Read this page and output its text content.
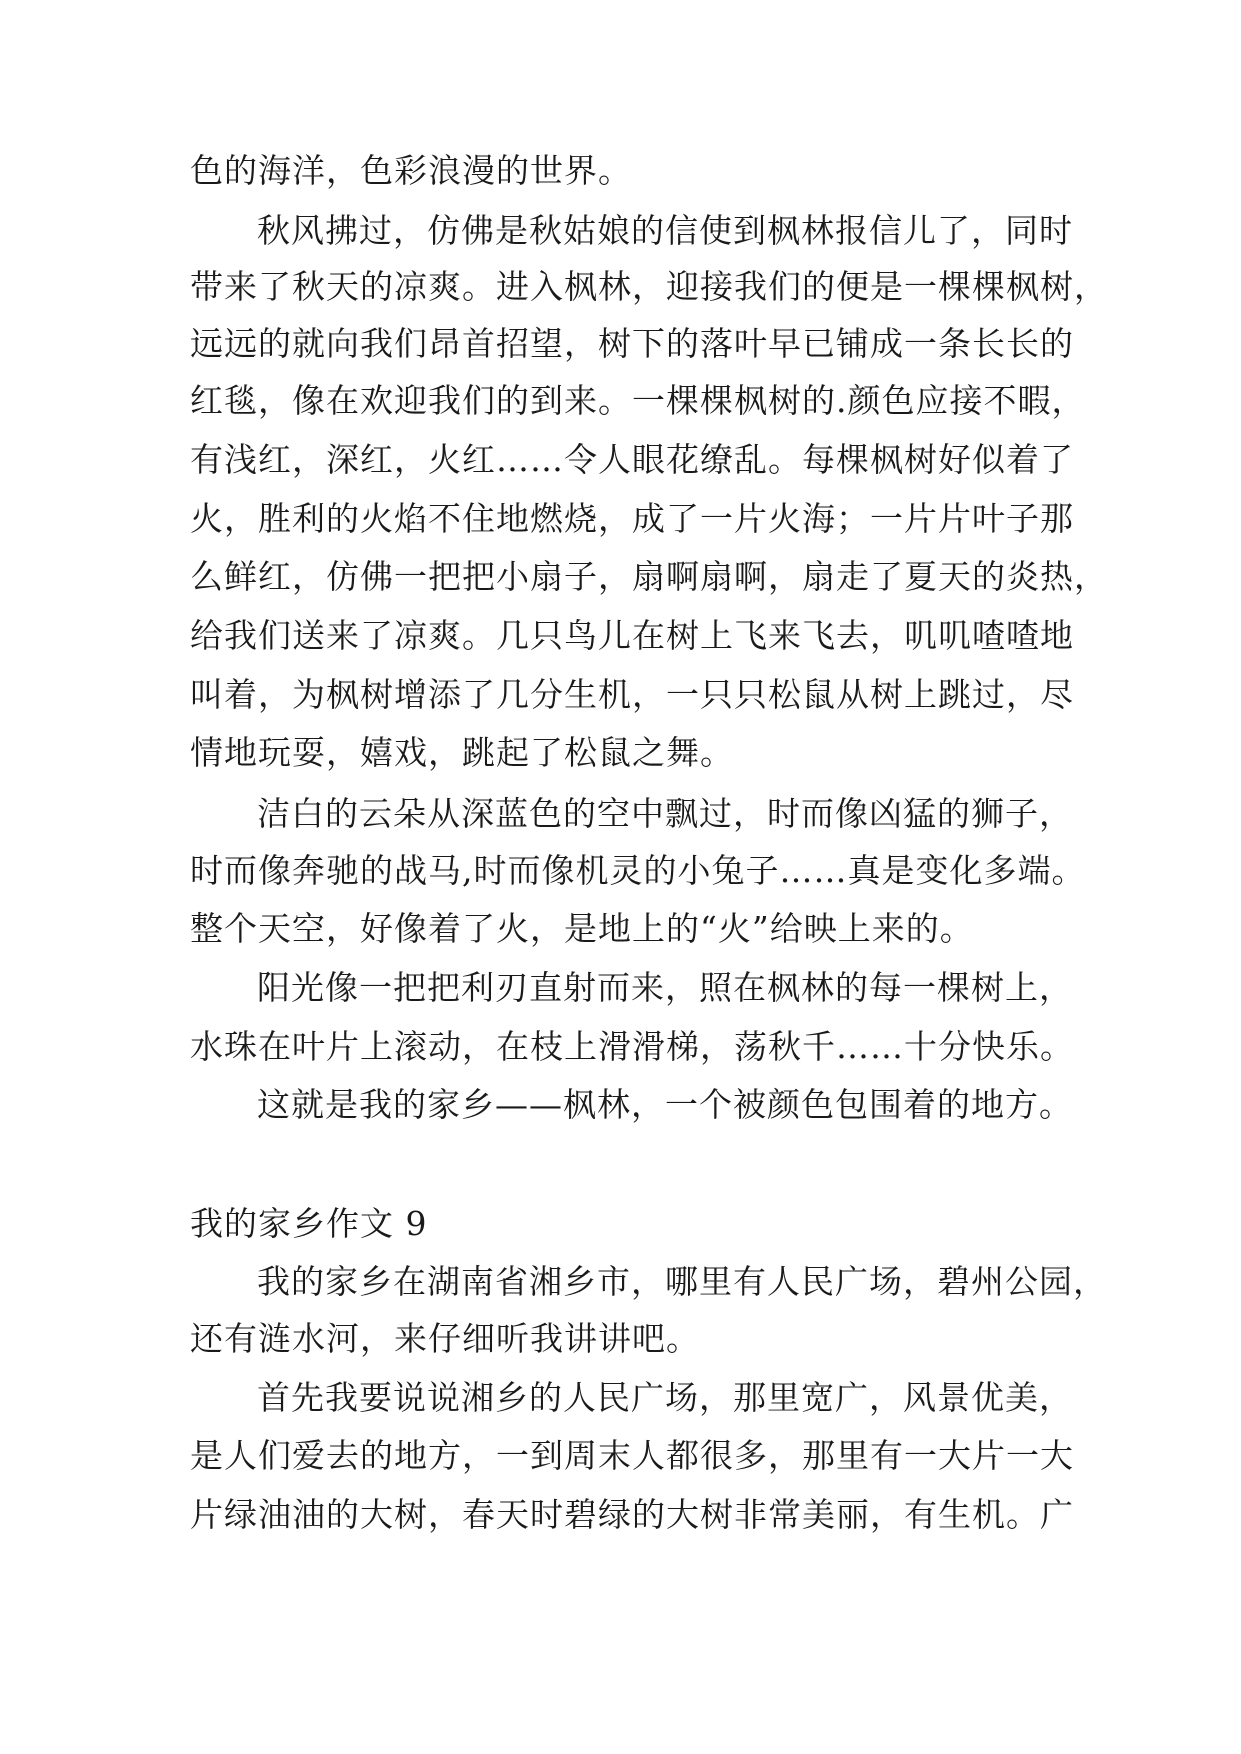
色的海洋，色彩浪漫的世界。
秋风拂过，仿佛是秋姑娘的信使到枫林报信儿了，同时
带来了秋天的凉爽。进入枫林，迎接我们的便是一棵棵枫树，
远远的就向我们昂首招望，树下的落叶早已铺成一条长长的
红毯，像在欢迎我们的到来。一棵棵枫树的.颜色应接不暇，
有浅红，深红，火红……令人眼花缭乱。每棵枫树好似着了
火，胜利的火焰不住地燃烧，成了一片火海；一片片叶子那
么鲜红，仿佛一把把小扇子，扇啊扇啊，扇走了夏天的炎热，
给我们送来了凉爽。几只鸟儿在树上飞来飞去，叽叽喳喳地
叫着，为枫树增添了几分生机，一只只松鼠从树上跳过，尽
情地玩耍，嬉戏，跳起了松鼠之舞。
洁白的云朵从深蓝色的空中飘过，时而像凶猛的狮子，
时而像奔驰的战马,时而像机灵的小兔子……真是变化多端。
整个天空，好像着了火，是地上的“火”给映上来的。
阳光像一把把利刃直射而来，照在枫林的每一棵树上，
水珠在叶片上滚动，在枝上滑滑梯，荡秋千……十分快乐。
这就是我的家乡——枫林，一个被颜色包围着的地方。
我的家乡作文 9
我的家乡在湖南省湘乡市，哪里有人民广场，碧州公园，
还有涟水河，来仔细听我讲讲吧。
首先我要说说湘乡的人民广场，那里宽广，风景优美，
是人们爱去的地方，一到周末人都很多，那里有一大片一大
片绿油油的大树，春天时碧绿的大树非常美丽，有生机。广
